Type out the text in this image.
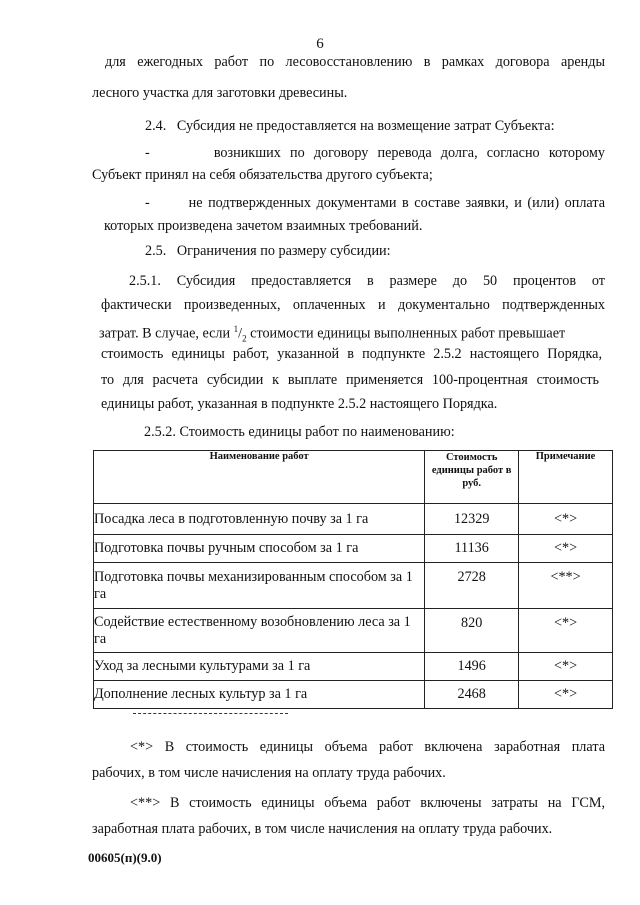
6
для ежегодных работ по лесовосстановлению в рамках договора аренды
лесного участка для заготовки древесины.
2.4.   Субсидия не предоставляется на возмещение затрат Субъекта:
-       возникших по договору перевода долга, согласно которому
Субъект принял на себя обязательства другого субъекта;
-       не подтвержденных документами в составе заявки, и (или) оплата
которых произведена зачетом взаимных требований.
2.5.   Ограничения по размеру субсидии:
2.5.1. Субсидия предоставляется в размере до 50 процентов от
фактически произведенных, оплаченных и документально подтвержденных
затрат. В случае, если $^1/_2$ стоимости единицы выполненных работ превышает
стоимость единицы работ, указанной в подпункте 2.5.2 настоящего Порядка,
то для расчета субсидии к выплате применяется 100-процентная стоимость
единицы работ, указанная в подпункте 2.5.2 настоящего Порядка.
2.5.2. Стоимость единицы работ по наименованию:
Наименование работ	Стоимость
единицы работ в
руб.	Примечание
Посадка леса в подготовленную почву за 1 га	12329	<*>
Подготовка почвы ручным способом за 1 га	11136	<*>
Подготовка почвы механизированным способом за 1 га	2728	<**>
Содействие естественному возобновлению леса за 1 га	820	<*>
Уход за лесными культурами за 1 га	1496	<*>
Дополнение лесных культур за 1 га	2468	<*>
<*> В стоимость единицы объема работ включена заработная плата
рабочих, в том числе начисления на оплату труда рабочих.
<**> В стоимость единицы объема работ включены затраты на ГСМ,
заработная плата рабочих, в том числе начисления на оплату труда рабочих.
00605(п)(9.0)
